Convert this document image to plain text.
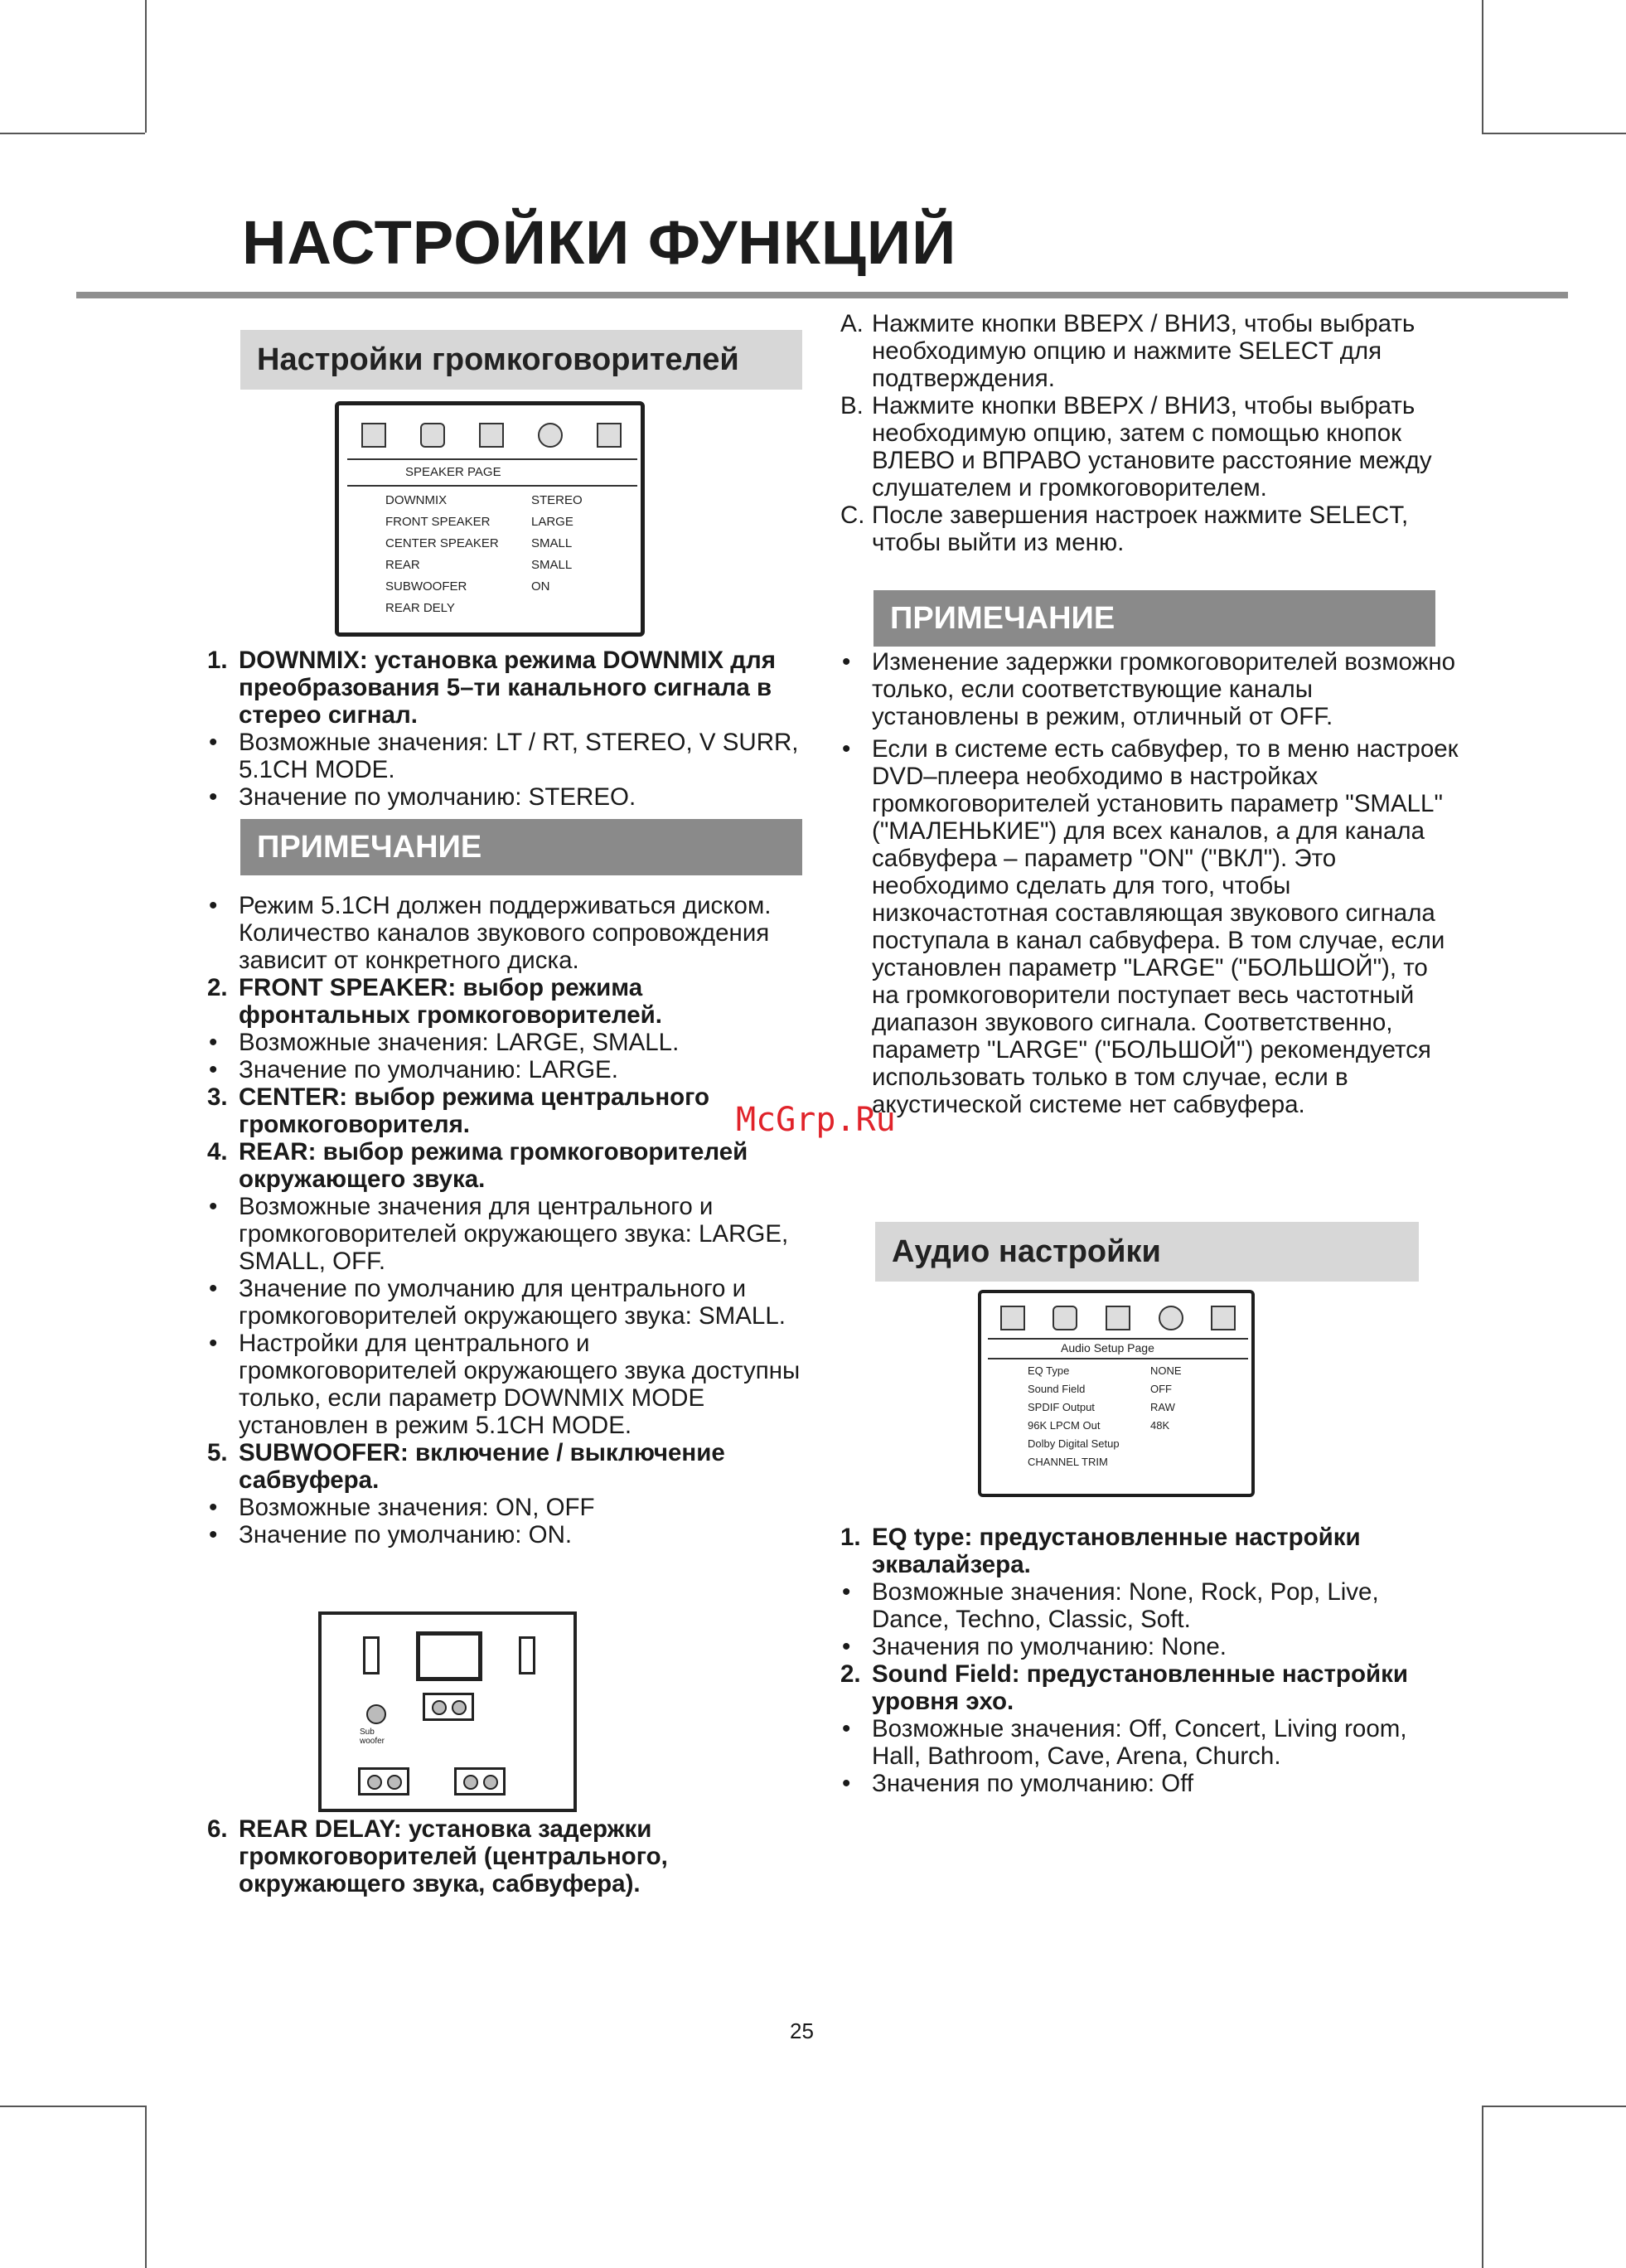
НАСТРОЙКИ ФУНКЦИЙ
Настройки громкоговорителей
SPEAKER PAGE
DOWNMIX	STEREO
FRONT SPEAKER	LARGE
CENTER SPEAKER	SMALL
REAR	SMALL
SUBWOOFER	ON
REAR DELY
1. DOWNMIX: установка режима DOWNMIX для преобразования 5–ти канального сигнала в стерео сигнал.
• Возможные значения: LT / RT, STEREO, V SURR, 5.1CH MODE.
• Значение по умолчанию: STEREO.
ПРИМЕЧАНИЕ
• Режим 5.1CH должен поддерживаться диском. Количество каналов звукового сопровождения зависит от конкретного диска.
2. FRONT SPEAKER: выбор режима фронтальных громкоговорителей.
• Возможные значения: LARGE, SMALL.
• Значение по умолчанию: LARGE.
3. CENTER: выбор режима центрального громкоговорителя.
4. REAR: выбор режима громкоговорителей окружающего звука.
• Возможные значения для центрального и громкоговорителей окружающего звука: LARGE, SMALL, OFF.
• Значение по умолчанию для центрального и громкоговорителей окружающего звука: SMALL.
• Настройки для центрального и громкоговорителей окружающего звука доступны только, если параметр DOWNMIX MODE установлен в режим 5.1CH MODE.
5. SUBWOOFER: включение / выключение сабвуфера.
• Возможные значения: ON, OFF
• Значение по умолчанию: ON.
Sub
woofer
6. REAR DELAY: установка задержки громкоговорителей (центрального, окружающего звука, сабвуфера).
A. Нажмите кнопки ВВЕРХ / ВНИЗ, чтобы выбрать необходимую опцию и нажмите SELECT для подтверждения.
B. Нажмите кнопки ВВЕРХ / ВНИЗ, чтобы выбрать необходимую опцию, затем с помощью кнопок ВЛЕВО и ВПРАВО установите расстояние между слушателем и громкоговорителем.
C. После завершения настроек нажмите SELECT, чтобы выйти из меню.
ПРИМЕЧАНИЕ
• Изменение задержки громкоговорителей возможно только, если соответствующие каналы установлены в режим, отличный от OFF.
• Если в системе есть сабвуфер, то в меню настроек DVD–плеера необходимо в настройках громкоговорителей установить параметр "SMALL" ("МАЛЕНЬКИЕ") для всех каналов, а для канала сабвуфера – параметр "ON" ("ВКЛ"). Это необходимо сделать для того, чтобы низкочастотная составляющая звукового сигнала поступала в канал сабвуфера. В том случае, если установлен параметр "LARGE" ("БОЛЬШОЙ"), то на громкоговорители поступает весь частотный диапазон звукового сигнала. Соответственно, параметр "LARGE" ("БОЛЬШОЙ") рекомендуется использовать только в том случае, если в акустической системе нет сабвуфера.
Аудио настройки
Audio Setup Page
EQ Type	NONE
Sound Field	OFF
SPDIF Output	RAW
96K LPCM Out	48K
Dolby Digital Setup
CHANNEL TRIM
1. EQ type: предустановленные настройки эквалайзера.
• Возможные значения: None, Rock, Pop, Live, Dance, Techno, Classic, Soft.
• Значения по умолчанию: None.
2. Sound Field: предустановленные настройки уровня эхо.
• Возможные значения: Off, Concert, Living room, Hall, Bathroom, Cave, Arena, Church.
• Значения по умолчанию: Off
McGrp.Ru
25
